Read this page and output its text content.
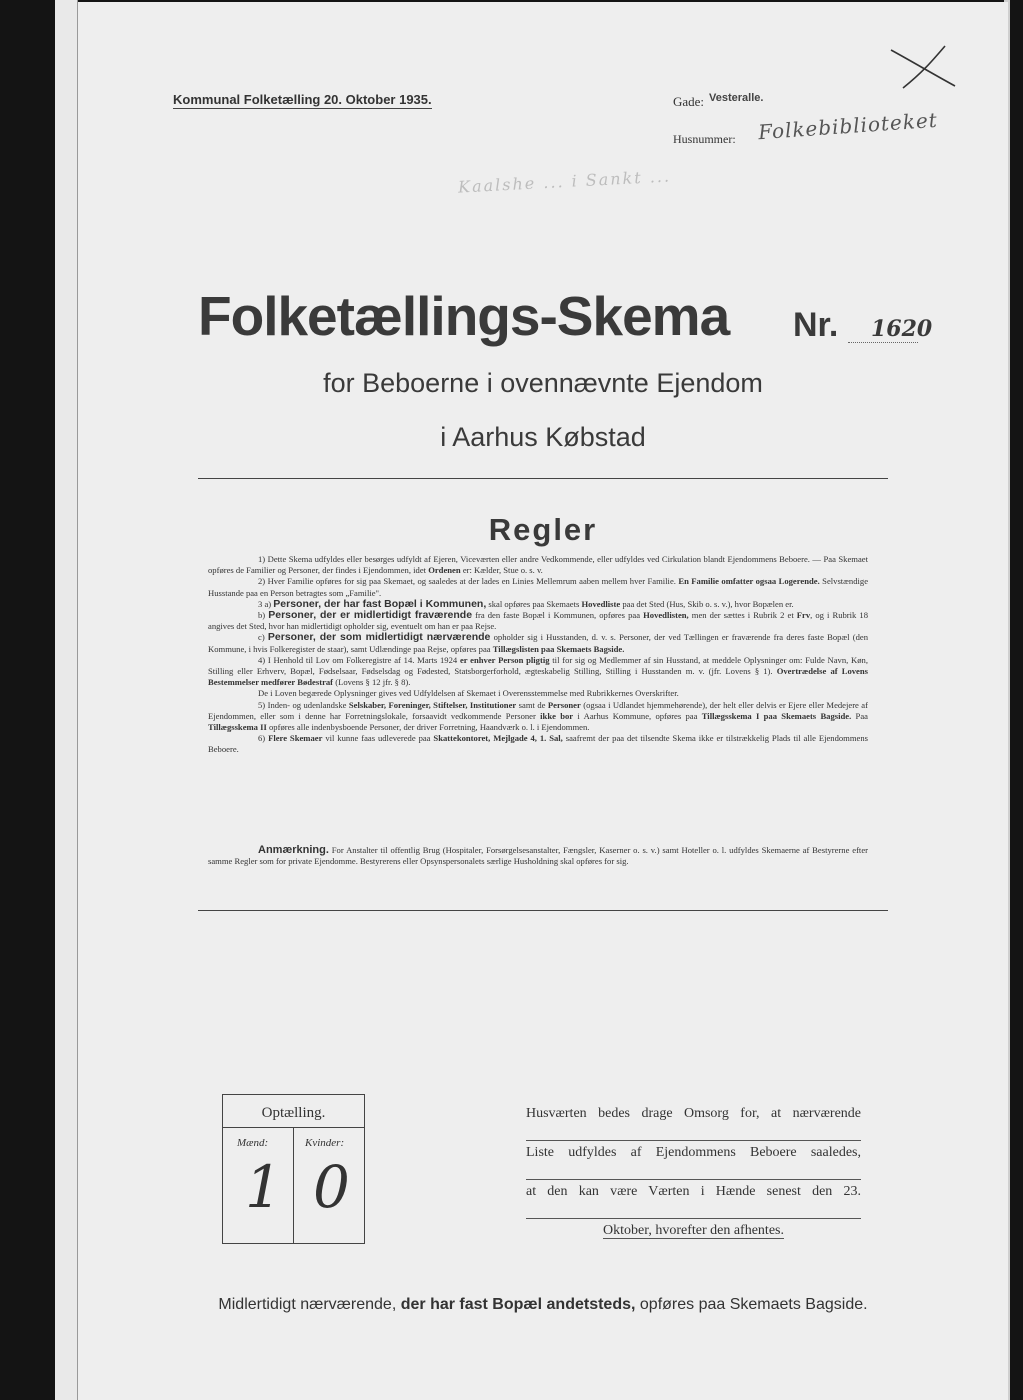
Kommunal Folketælling 20. Oktober 1935.	Gade: Vesteralle.
Husnummer: Folkebiblioteket
Kaalshe ... i Sankt ...
Folketællings-Skema Nr. 1620
for Beboerne i ovennævnte Ejendom
i Aarhus Købstad
Regler

1) Dette Skema udfyldes eller besørges udfyldt af Ejeren, Viceværten eller andre Vedkommende, eller udfyldes ved Cirkulation blandt Ejendommens Beboere. — Paa Skemaet opføres de Familier og Personer, der findes i Ejendommen, idet Ordenen er: Kælder, Stue o. s. v.

2) Hver Familie opføres for sig paa Skemaet, og saaledes at der lades en Linies Mellemrum aaben mellem hver Familie. En Familie omfatter ogsaa Logerende. Selvstændige Husstande paa en Person betragtes som „Familie".

3 a) Personer, der har fast Bopæl i Kommunen, skal opføres paa Skemaets Hovedliste paa det Sted (Hus, Skib o. s. v.), hvor Bopælen er.

b) Personer, der er midlertidigt fraværende fra den faste Bopæl i Kommunen, opføres paa Hovedlisten, men der sættes i Rubrik 2 et Frv, og i Rubrik 18 angives det Sted, hvor han midlertidigt opholder sig, eventuelt om han er paa Rejse.

c) Personer, der som midlertidigt nærværende opholder sig i Husstanden, d. v. s. Personer, der ved Tællingen er fraværende fra deres faste Bopæl (den Kommune, i hvis Folkeregister de staar), samt Udlændinge paa Rejse, opføres paa Tillægslisten paa Skemaets Bagside.

4) I Henhold til Lov om Folkeregistre af 14. Marts 1924 er enhver Person pligtig til for sig og Medlemmer af sin Husstand, at meddele Oplysninger om: Fulde Navn, Køn, Stilling eller Erhverv, Bopæl, Fødselsaar, Fødselsdag og Fødested, Statsborgerforhold, ægteskabelig Stilling, Stilling i Husstanden m. v. (jfr. Lovens § 1). Overtrædelse af Lovens Bestemmelser medfører Bødestraf (Lovens § 12 jfr. § 8).

De i Loven begærede Oplysninger gives ved Udfyldelsen af Skemaet i Overensstemmelse med Rubrikkernes Overskrifter.

5) Inden- og udenlandske Selskaber, Foreninger, Stiftelser, Institutioner samt de Personer (ogsaa i Udlandet hjemmehørende), der helt eller delvis er Ejere eller Medejere af Ejendommen, eller som i denne har Forretningslokale, forsaavidt vedkommende Personer ikke bor i Aarhus Kommune, opføres paa Tillægsskema I paa Skemaets Bagside. Paa Tillægsskema II opføres alle indenbysboende Personer, der driver Forretning, Haandværk o. l. i Ejendommen.

6) Flere Skemaer vil kunne faas udleverede paa Skattekontoret, Mejlgade 4, 1. Sal, saafremt der paa det tilsendte Skema ikke er tilstrækkelig Plads til alle Ejendommens Beboere.

Anmærkning. For Anstalter til offentlig Brug (Hospitaler, Forsørgelsesanstalter, Fængsler, Kaserner o. s. v.) samt Hoteller o. l. udfyldes Skemaerne af Bestyrerne efter samme Regler som for private Ejendomme. Bestyrerens eller Opsynspersonalets særlige Husholdning skal opføres for sig.

Optælling.
Mænd:	Kvinder:
1 0
Husværten bedes drage Omsorg for, at nærværende
Liste udfyldes af Ejendommens Beboere saaledes,
at den kan være Værten i Hænde senest den 23.
Oktober, hvorefter den afhentes.
Midlertidigt nærværende, der har fast Bopæl andetsteds, opføres paa Skemaets Bagside.
